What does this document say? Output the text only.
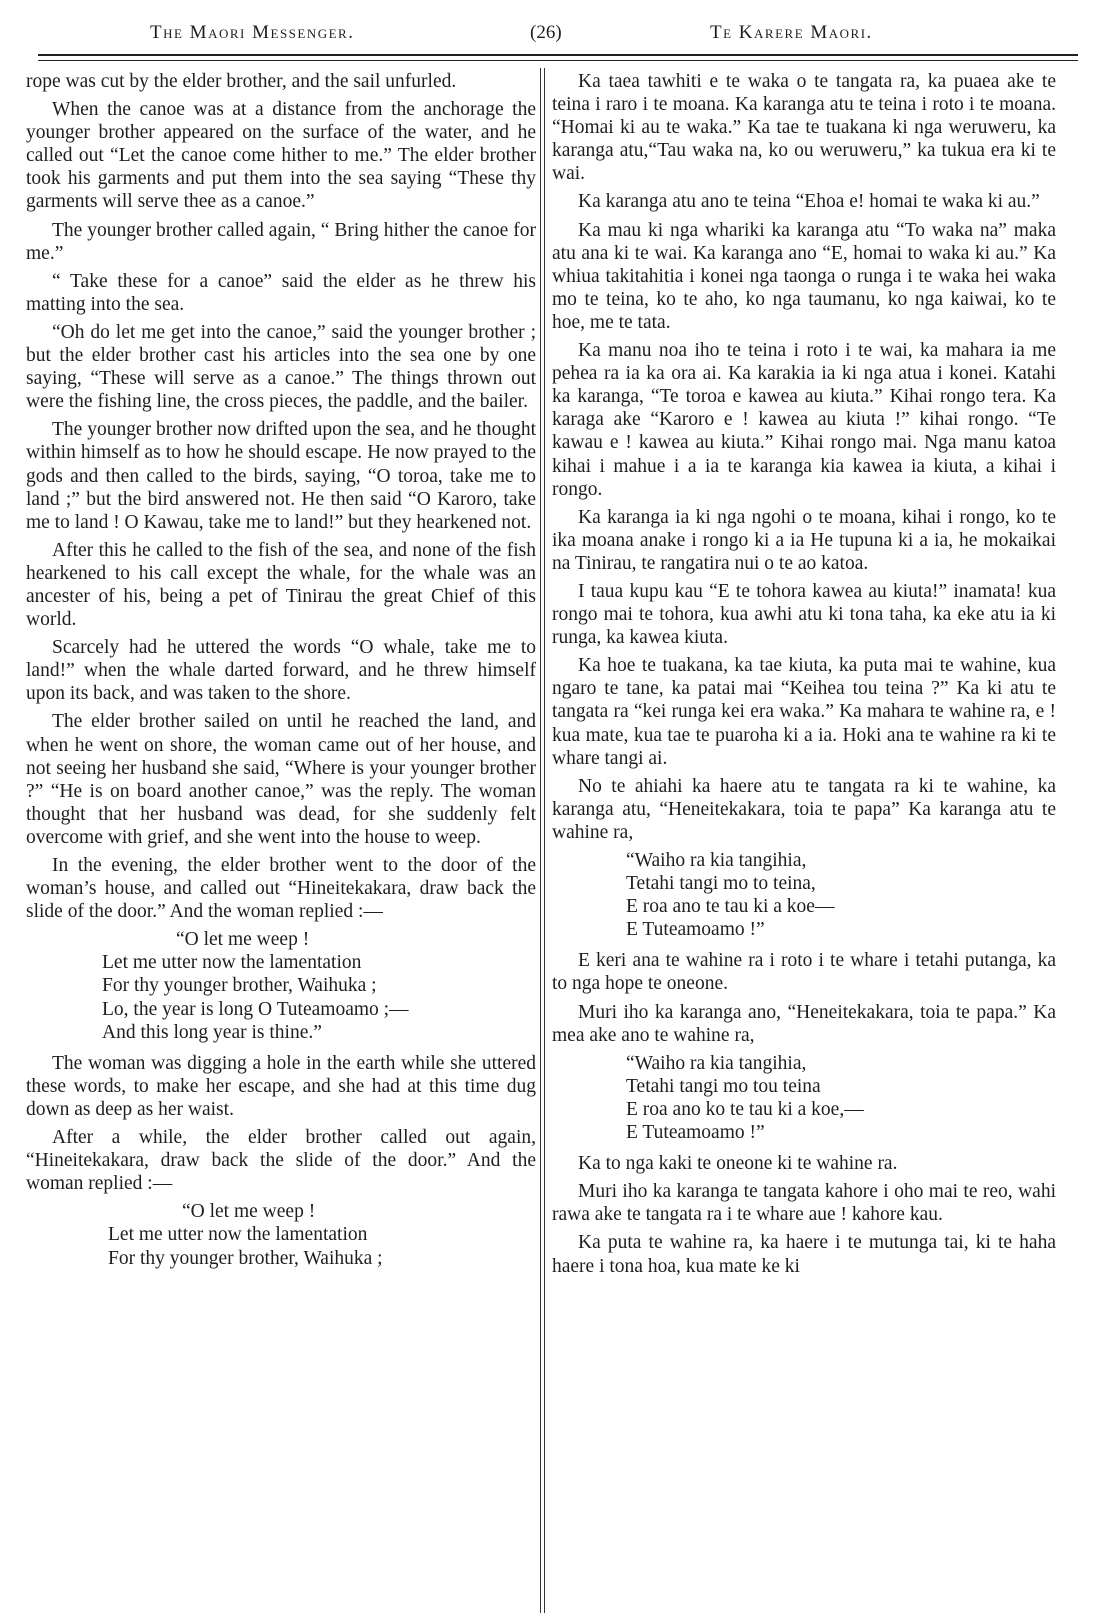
The Maori Messenger.	(26)	Te Karere Maori.

rope was cut by the elder brother, and the sail unfurled.

When the canoe was at a distance from the anchorage the younger brother appeared on the surface of the water, and he called out “Let the canoe come hither to me.” The elder brother took his garments and put them into the sea saying “These thy garments will serve thee as a canoe.”

The younger brother called again, “ Bring hither the canoe for me.”

“ Take these for a canoe” said the elder as he threw his matting into the sea.

“Oh do let me get into the canoe,” said the younger brother ; but the elder brother cast his articles into the sea one by one saying, “These will serve as a canoe.” The things thrown out were the fishing line, the cross pieces, the paddle, and the bailer.

The younger brother now drifted upon the sea, and he thought within himself as to how he should escape. He now prayed to the gods and then called to the birds, saying, “O toroa, take me to land ;” but the bird answered not. He then said “O Karoro, take me to land ! O Kawau, take me to land!” but they hearkened not.

After this he called to the fish of the sea, and none of the fish hearkened to his call except the whale, for the whale was an ancester of his, being a pet of Tinirau the great Chief of this world.

Scarcely had he uttered the words “O whale, take me to land!” when the whale darted forward, and he threw himself upon its back, and was taken to the shore.

The elder brother sailed on until he reached the land, and when he went on shore, the woman came out of her house, and not seeing her husband she said, “Where is your younger brother ?” “He is on board another canoe,” was the reply. The woman thought that her husband was dead, for she suddenly felt overcome with grief, and she went into the house to weep.

In the evening, the elder brother went to the door of the woman’s house, and called out “Hineitekakara, draw back the slide of the door.” And the woman replied :—

“O let me weep !
Let me utter now the lamentation
For thy younger brother, Waihuka ;
Lo, the year is long O Tuteamoamo ;—
And this long year is thine.”

The woman was digging a hole in the earth while she uttered these words, to make her escape, and she had at this time dug down as deep as her waist.

After a while, the elder brother called out again, “Hineitekakara, draw back the slide of the door.” And the woman replied :—

“O let me weep !
Let me utter now the lamentation
For thy younger brother, Waihuka ;

Ka taea tawhiti e te waka o te tangata ra, ka puaea ake te teina i raro i te moana. Ka karanga atu te teina i roto i te moana. “Homai ki au te waka.” Ka tae te tuakana ki nga weruweru, ka karanga atu,“Tau waka na, ko ou weruweru,” ka tukua era ki te wai.

Ka karanga atu ano te teina “Ehoa e! homai te waka ki au.”

Ka mau ki nga whariki ka karanga atu “To waka na” maka atu ana ki te wai. Ka karanga ano “E, homai to waka ki au.” Ka whiua takitahitia i konei nga taonga o runga i te waka hei waka mo te teina, ko te aho, ko nga taumanu, ko nga kaiwai, ko te hoe, me te tata.

Ka manu noa iho te teina i roto i te wai, ka mahara ia me pehea ra ia ka ora ai. Ka karakia ia ki nga atua i konei. Katahi ka karanga, “Te toroa e kawea au kiuta.” Kihai rongo tera. Ka karaga ake “Karoro e ! kawea au kiuta !” kihai rongo. “Te kawau e ! kawea au kiuta.” Kihai rongo mai. Nga manu katoa kihai i mahue i a ia te karanga kia kawea ia kiuta, a kihai i rongo.

Ka karanga ia ki nga ngohi o te moana, kihai i rongo, ko te ika moana anake i rongo ki a ia He tupuna ki a ia, he mokaikai na Tinirau, te rangatira nui o te ao katoa.

I taua kupu kau “E te tohora kawea au kiuta!” inamata! kua rongo mai te tohora, kua awhi atu ki tona taha, ka eke atu ia ki runga, ka kawea kiuta.

Ka hoe te tuakana, ka tae kiuta, ka puta mai te wahine, kua ngaro te tane, ka patai mai “Keihea tou teina ?” Ka ki atu te tangata ra “kei runga kei era waka.” Ka mahara te wahine ra, e ! kua mate, kua tae te puaroha ki a ia. Hoki ana te wahine ra ki te whare tangi ai.

No te ahiahi ka haere atu te tangata ra ki te wahine, ka karanga atu, “Heneitekakara, toia te papa” Ka karanga atu te wahine ra,

“Waiho ra kia tangihia,
Tetahi tangi mo to teina,
E roa ano te tau ki a koe—
E Tuteamoamo !”

E keri ana te wahine ra i roto i te whare i tetahi putanga, ka to nga hope te oneone.

Muri iho ka karanga ano, “Heneitekakara, toia te papa.” Ka mea ake ano te wahine ra,

“Waiho ra kia tangihia,
Tetahi tangi mo tou teina
E roa ano ko te tau ki a koe,—
E Tuteamoamo !”

Ka to nga kaki te oneone ki te wahine ra.

Muri iho ka karanga te tangata kahore i oho mai te reo, wahi rawa ake te tangata ra i te whare aue ! kahore kau.

Ka puta te wahine ra, ka haere i te mutunga tai, ki te haha haere i tona hoa, kua mate ke ki
